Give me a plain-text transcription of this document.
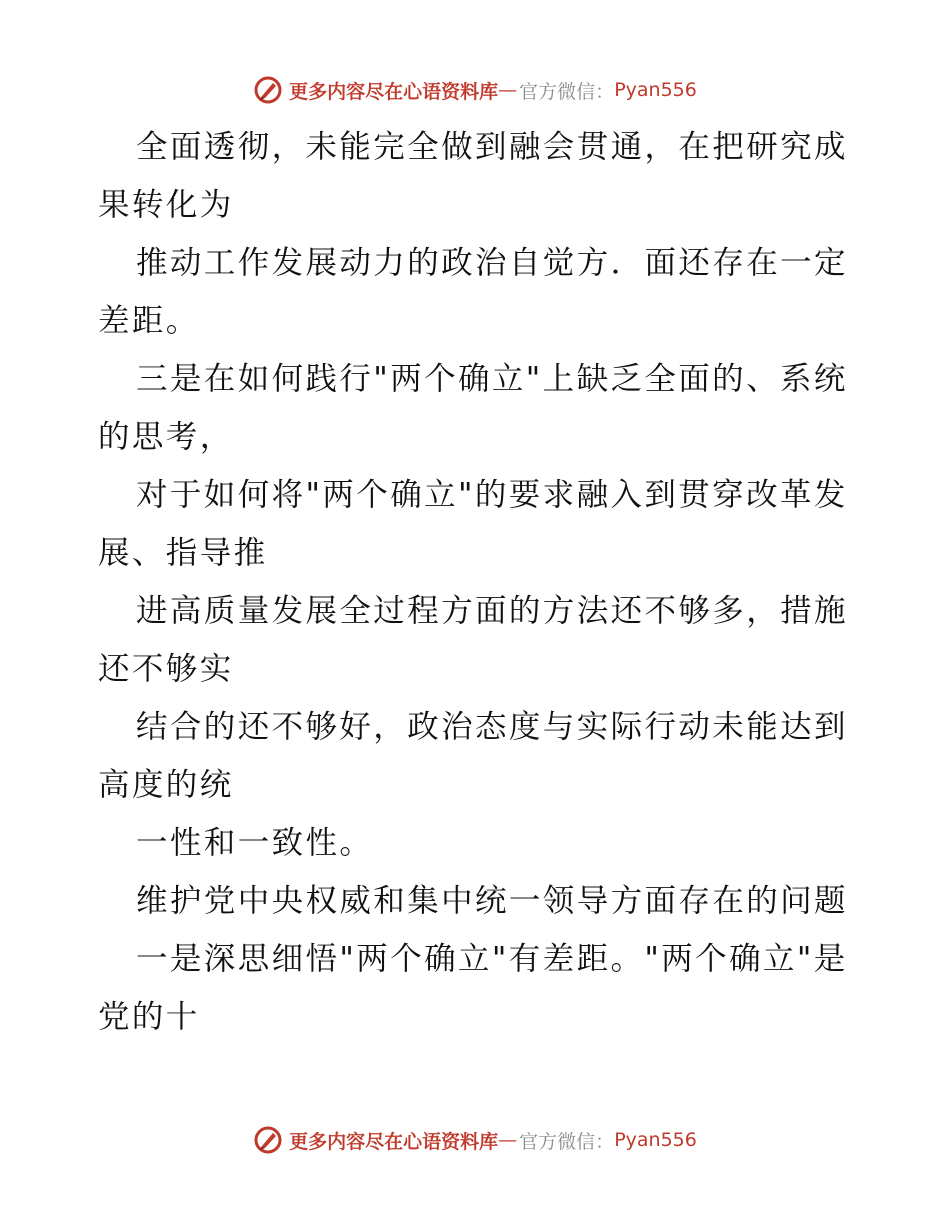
更多内容尽在心语资料库 — 官方微信： Pyan556
全面透彻，未能完全做到融会贯通，在把研究成
果转化为
推动工作发展动力的政治自觉方．面还存在一定
差距。
三是在如何践行"两个确立"上缺乏全面的、系统
的思考，
对于如何将"两个确立"的要求融入到贯穿改革发
展、指导推
进高质量发展全过程方面的方法还不够多，措施
还不够实
结合的还不够好，政治态度与实际行动未能达到
高度的统
一性和一致性。
维护党中央权威和集中统一领导方面存在的问题
一是深思细悟"两个确立"有差距。"两个确立"是
党的十
更多内容尽在心语资料库 — 官方微信： Pyan556
